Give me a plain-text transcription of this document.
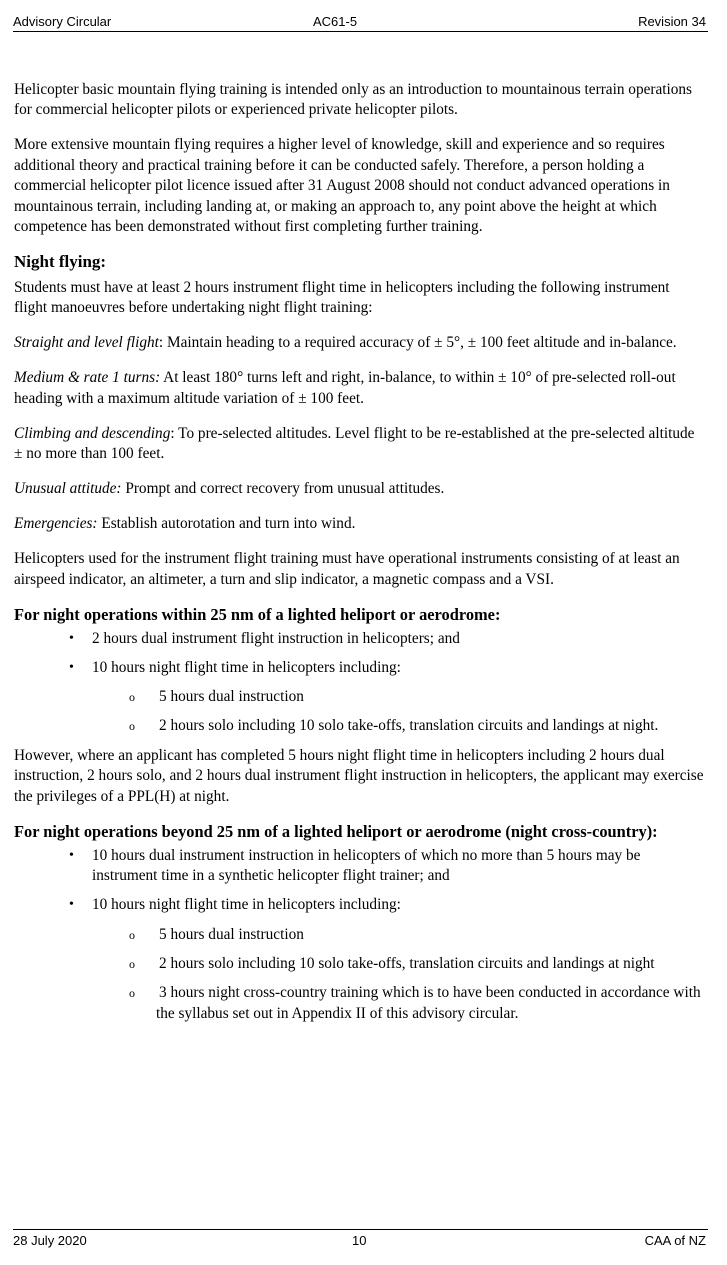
Advisory Circular	AC61-5	Revision 34

Helicopter basic mountain flying training is intended only as an introduction to mountainous terrain operations for commercial helicopter pilots or experienced private helicopter pilots.

More extensive mountain flying requires a higher level of knowledge, skill and experience and so requires additional theory and practical training before it can be conducted safely. Therefore, a person holding a commercial helicopter pilot licence issued after 31 August 2008 should not conduct advanced operations in mountainous terrain, including landing at, or making an approach to, any point above the height at which competence has been demonstrated without first completing further training.

Night flying:

Students must have at least 2 hours instrument flight time in helicopters including the following instrument flight manoeuvres before undertaking night flight training:

Straight and level flight: Maintain heading to a required accuracy of ± 5°, ± 100 feet altitude and in-balance.

Medium & rate 1 turns: At least 180° turns left and right, in-balance, to within ± 10° of pre-selected roll-out heading with a maximum altitude variation of ± 100 feet.

Climbing and descending: To pre-selected altitudes. Level flight to be re-established at the pre-selected altitude ± no more than 100 feet.

Unusual attitude: Prompt and correct recovery from unusual attitudes.

Emergencies: Establish autorotation and turn into wind.

Helicopters used for the instrument flight training must have operational instruments consisting of at least an airspeed indicator, an altimeter, a turn and slip indicator, a magnetic compass and a VSI.

For night operations within 25 nm of a lighted heliport or aerodrome:
• 2 hours dual instrument flight instruction in helicopters; and
• 10 hours night flight time in helicopters including:
o 5 hours dual instruction
o 2 hours solo including 10 solo take-offs, translation circuits and landings at night.

However, where an applicant has completed 5 hours night flight time in helicopters including 2 hours dual instruction, 2 hours solo, and 2 hours dual instrument flight instruction in helicopters, the applicant may exercise the privileges of a PPL(H) at night.

For night operations beyond 25 nm of a lighted heliport or aerodrome (night cross-country):
• 10 hours dual instrument instruction in helicopters of which no more than 5 hours may be instrument time in a synthetic helicopter flight trainer; and
• 10 hours night flight time in helicopters including:
o 5 hours dual instruction
o 2 hours solo including 10 solo take-offs, translation circuits and landings at night
o 3 hours night cross-country training which is to have been conducted in accordance with the syllabus set out in Appendix II of this advisory circular.
28 July 2020	10	CAA of NZ
